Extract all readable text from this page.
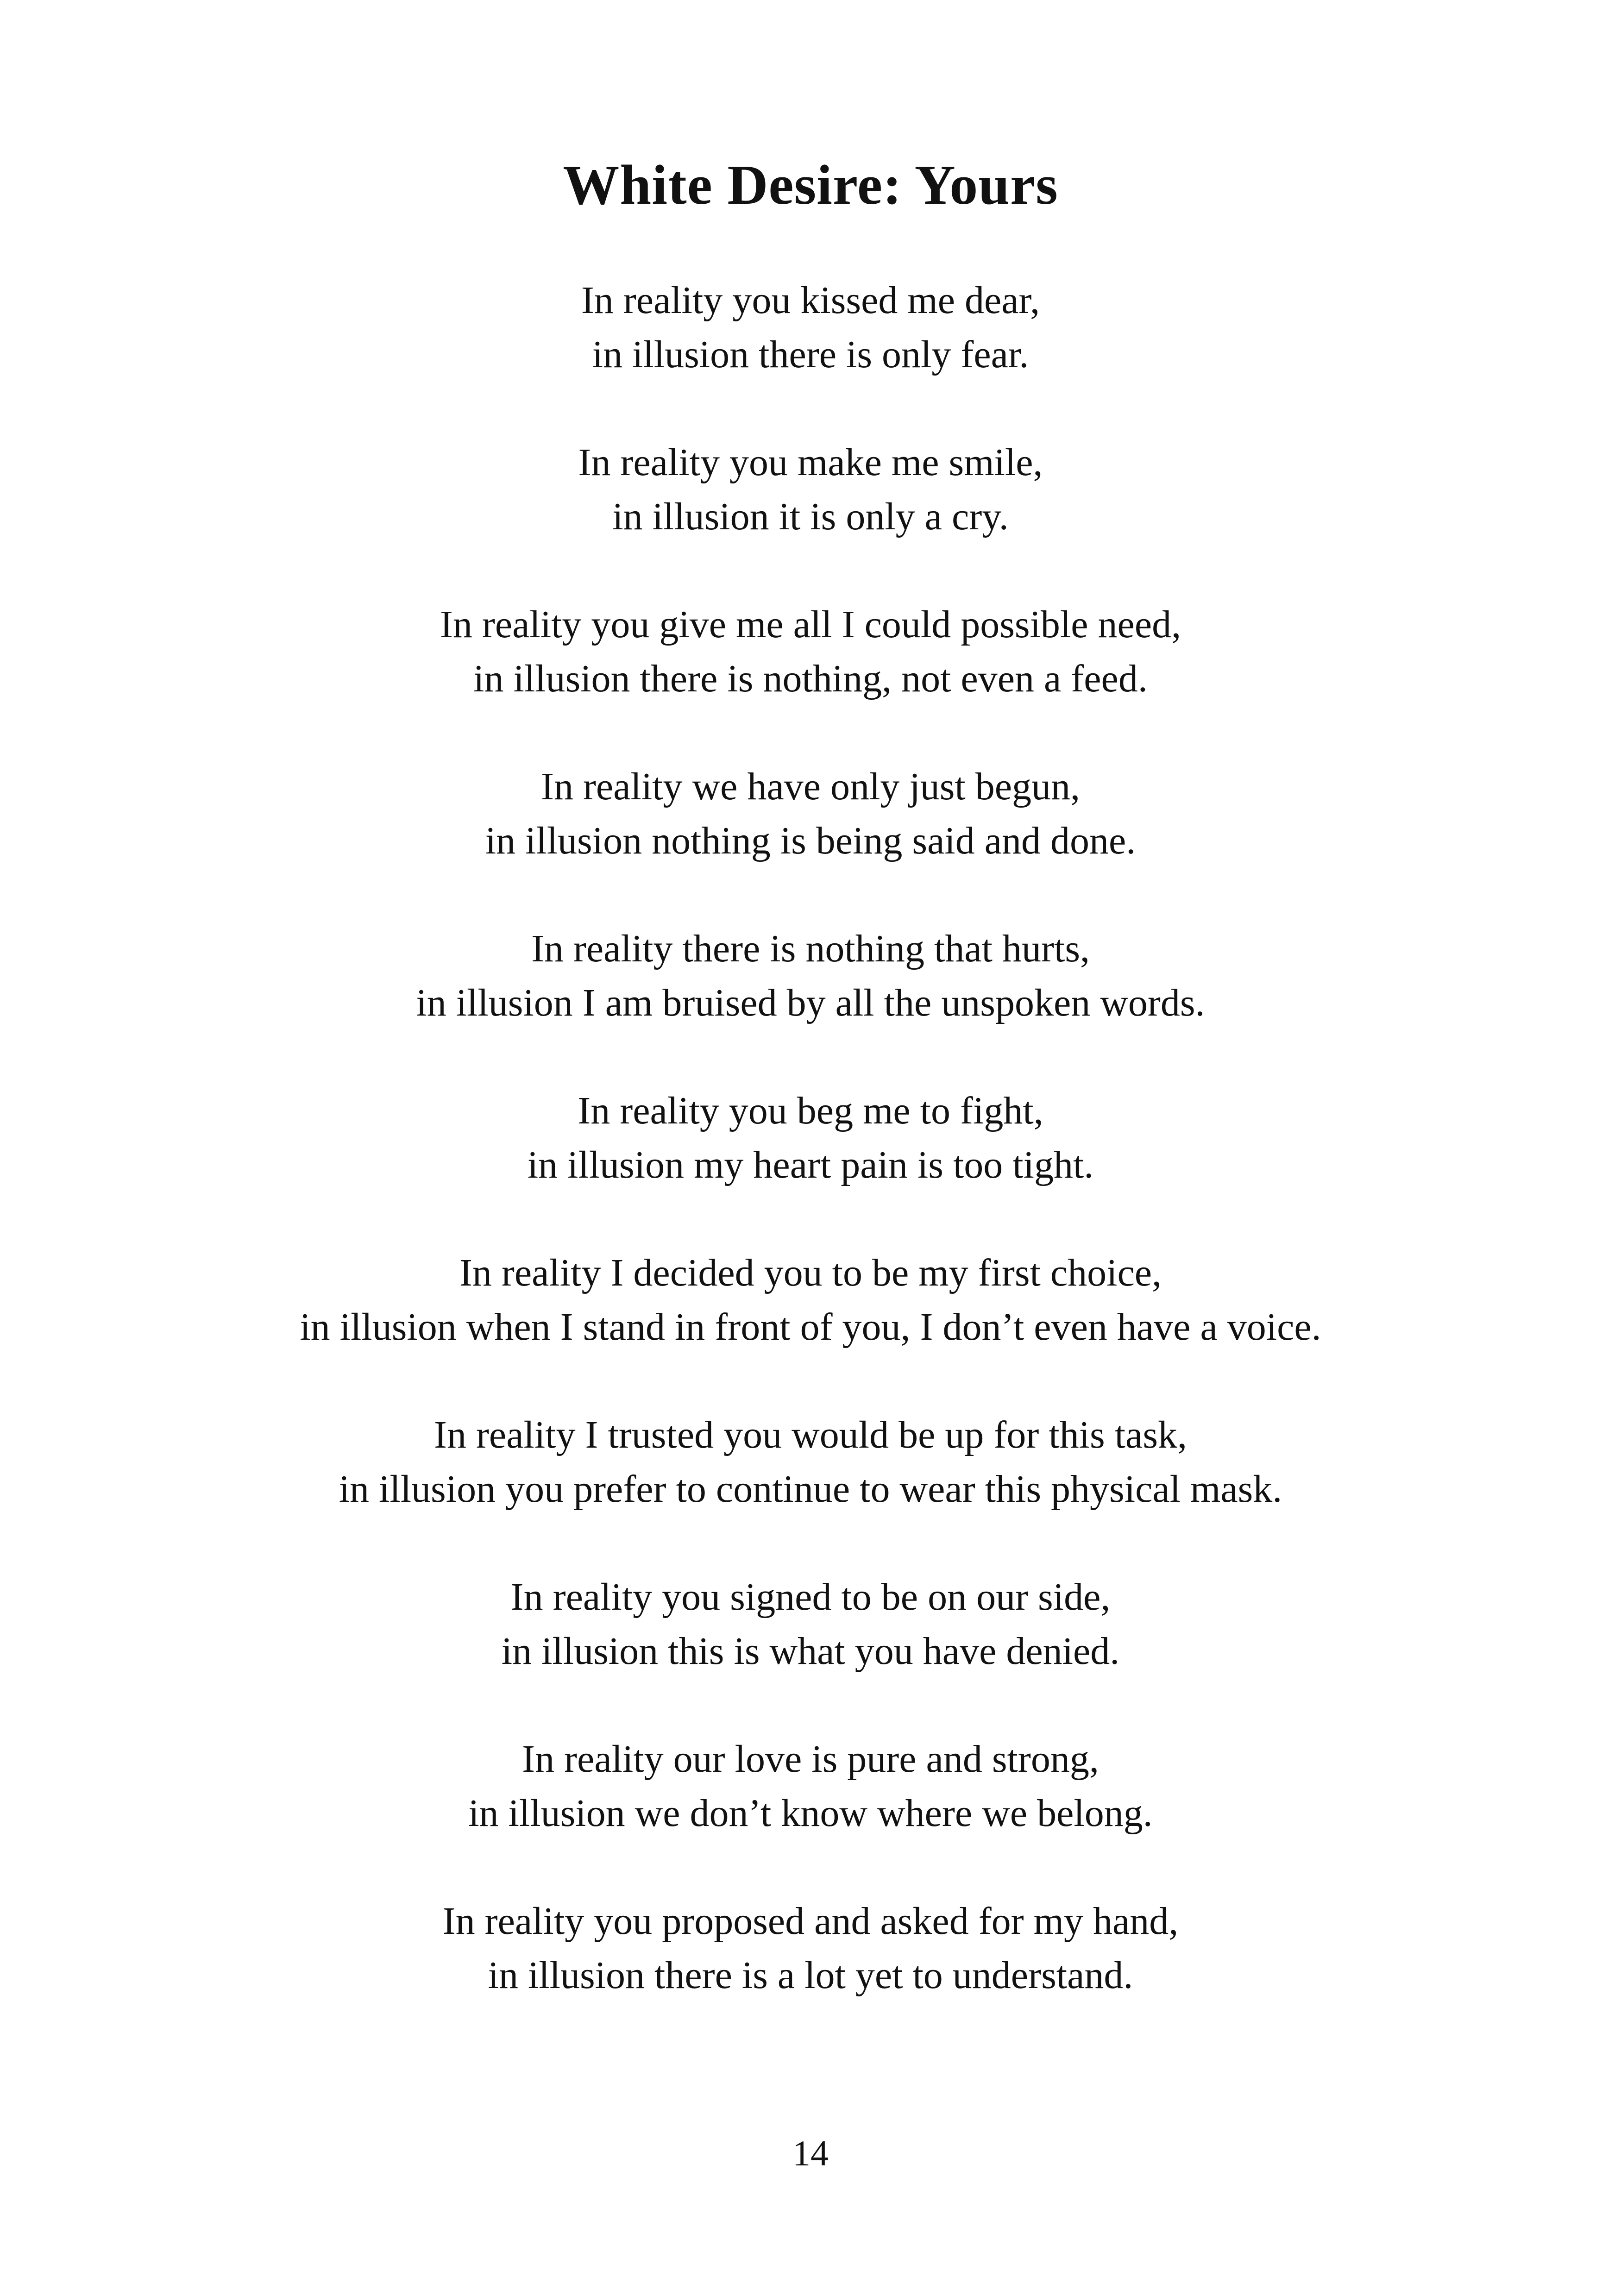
White Desire: Yours

In reality you kissed me dear,
in illusion there is only fear.

In reality you make me smile,
in illusion it is only a cry.

In reality you give me all I could possible need,
in illusion there is nothing, not even a feed.

In reality we have only just begun,
in illusion nothing is being said and done.

In reality there is nothing that hurts,
in illusion I am bruised by all the unspoken words.

In reality you beg me to fight,
in illusion my heart pain is too tight.

In reality I decided you to be my first choice,
in illusion when I stand in front of you, I don’t even have a voice.

In reality I trusted you would be up for this task,
in illusion you prefer to continue to wear this physical mask.

In reality you signed to be on our side,
in illusion this is what you have denied.

In reality our love is pure and strong,
in illusion we don’t know where we belong.

In reality you proposed and asked for my hand,
in illusion there is a lot yet to understand.

14
